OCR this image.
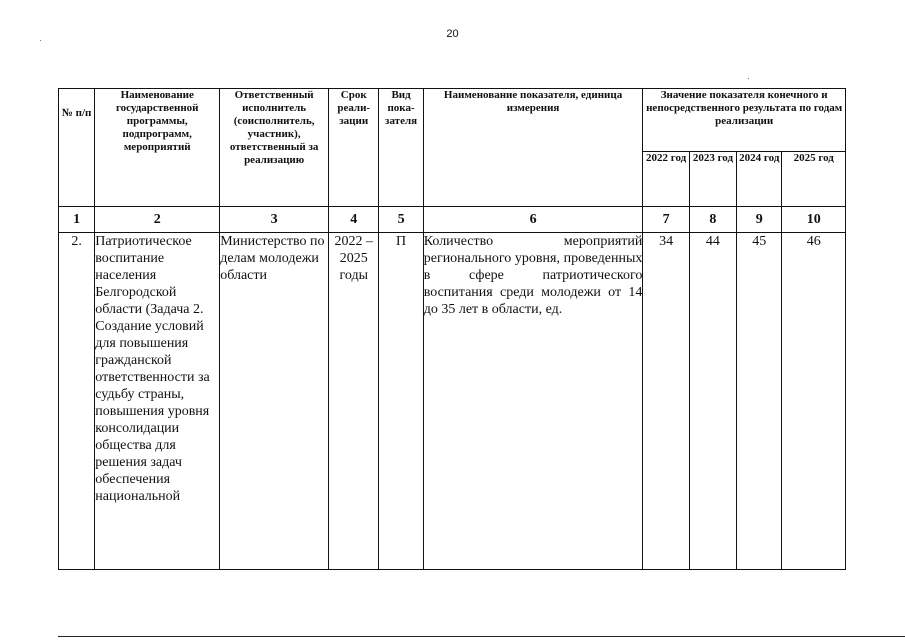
20
№ п/п	Наименование государственной программы, подпрограмм, мероприятий	Ответственный исполнитель (соисполнитель, участник), ответственный за реализацию	Срок реали-зации	Вид пока-зателя	Наименование показателя, единица измерения	Значение показателя конечного и непосредственного результата по годам реализации			
						2022 год	2023 год	2024 год	2025 год
1	2	3	4	5	6	7	8	9	10
2.	Патриотическое воспитание населения Белгородской области (Задача 2. Создание условий для повышения гражданской ответственности за судьбу страны, повышения уровня консолидации общества для решения задач обеспечения национальной	Министерство по делам молодежи области	2022 – 2025 годы	П	Количество мероприятий регионального уровня, проведенных в сфере патриотического воспитания среди молодежи от 14 до 35 лет в области, ед.	34	44	45	46
